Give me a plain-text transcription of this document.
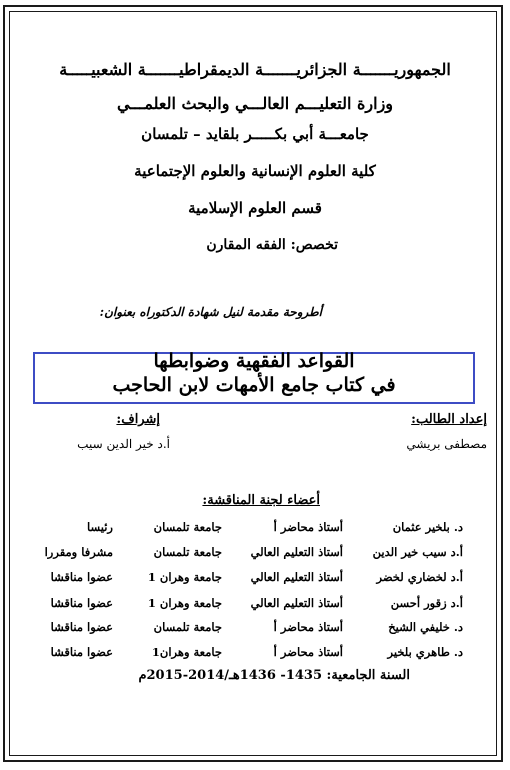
الجمهوريـــــــة الجزائريـــــــة الديمقراطيـــــــة الشعبيـــــة
وزارة التعليـــم العالـــي والبحث العلمـــي
جامعـــة أبي بكـــــر بلقايد – تلمسان
كلية العلوم الإنسانية والعلوم الإجتماعية
قسم العلوم الإسلامية
تخصص: الفقه المقارن
أطروحة مقدمة لنيل شهادة الدكتوراه بعنوان:
القواعد الفقهية وضوابطها
في كتاب جامع الأمهات لابن الحاجب
إعداد الطالب:
مصطفى بريشي
إشراف:
أ.د خير الدين سيب
أعضاء لجنة المناقشة:
د. بلخير عثمان
أستاذ محاضر أ
جامعة تلمسان
رئيسا
أ.د سيب خير الدين
أستاذ التعليم العالي
جامعة تلمسان
مشرفا ومقررا
أ.د لخضاري لخضر
أستاذ التعليم العالي
جامعة وهران 1
عضوا مناقشا
أ.د زقور أحسن
أستاذ التعليم العالي
جامعة وهران 1
عضوا مناقشا
د. خليفي الشيخ
أستاذ محاضر أ
جامعة تلمسان
عضوا مناقشا
د. طاهري بلخير
أستاذ محاضر أ
جامعة وهران1
عضوا مناقشا
السنة الجامعية: 1435- 1436هـ/2014-2015م
